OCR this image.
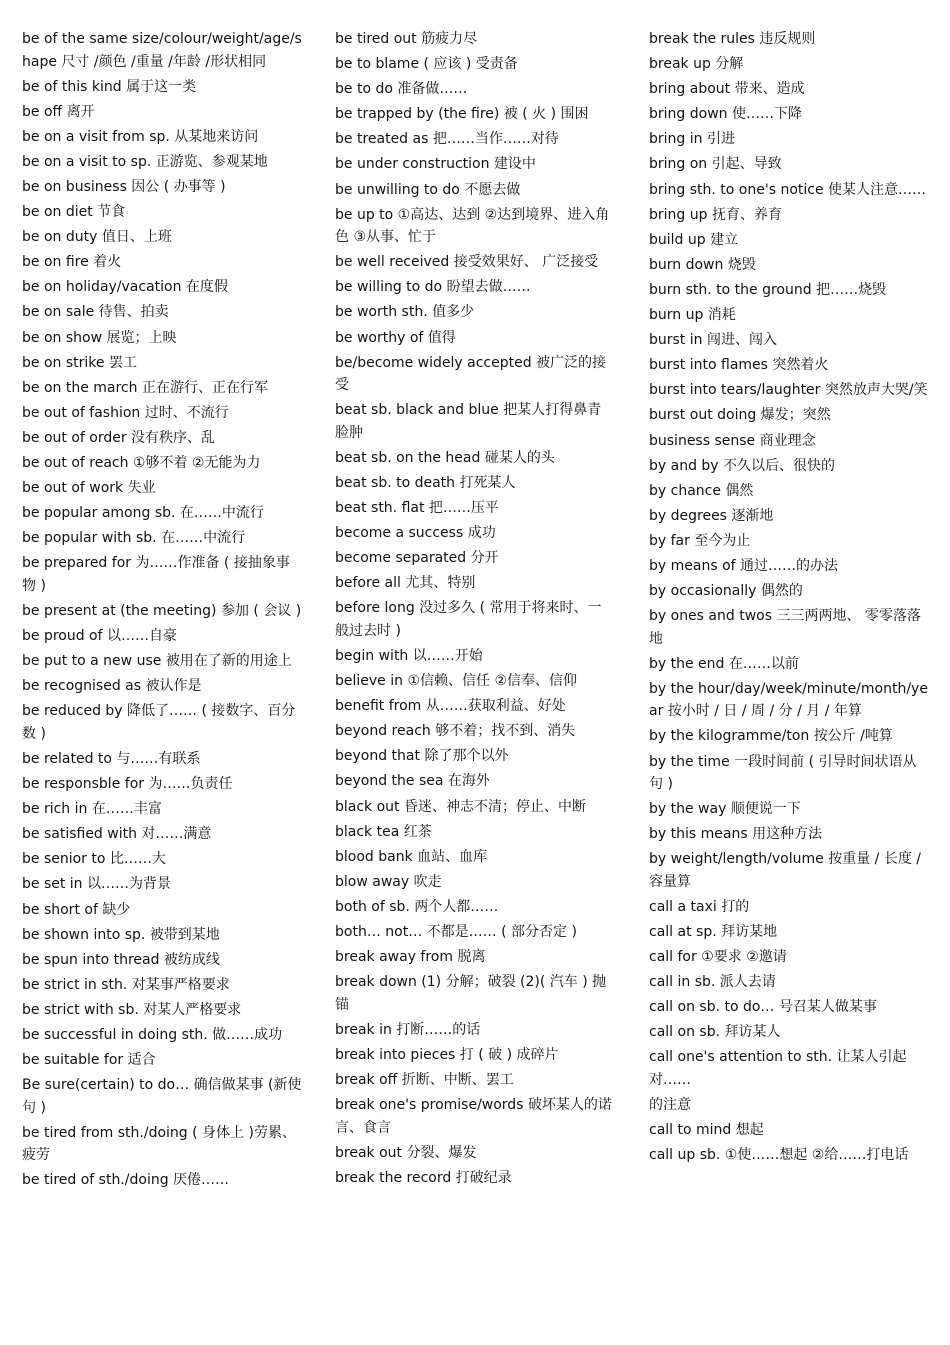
be of the same size/colour/weight/age/shape 尺寸 /颜色 /重量 /年龄 /形状相同
be of this kind 属于这一类
be off 离开
be on a visit from sp. 从某地来访问
be on a visit to sp. 正游览、参观某地
be on business 因公 ( 办事等 )
be on diet 节食
be on duty 值日、上班
be on fire 着火
be on holiday/vacation 在度假
be on sale 待售、拍卖
be on show 展览；上映
be on strike 罢工
be on the march 正在游行、正在行军
be out of fashion 过时、不流行
be out of order 没有秩序、乱
be out of reach ①够不着 ②无能为力
be out of work 失业
be popular among sb. 在……中流行
be popular with sb. 在……中流行
be prepared for 为……作准备 ( 接抽象事物 )
be present at (the meeting) 参加 ( 会议 )
be proud of 以……自豪
be put to a new use 被用在了新的用途上
be recognised as 被认作是
be reduced by 降低了…… ( 接数字、百分数 )
be related to 与……有联系
be responsble for 为……负责任
be rich in 在……丰富
be satisfied with 对……满意
be senior to 比……大
be set in 以……为背景
be short of 缺少
be shown into sp. 被带到某地
be spun into thread 被纺成线
be strict in sth. 对某事严格要求
be strict with sb. 对某人严格要求
be successful in doing sth. 做……成功
be suitable for 适合
Be sure(certain) to do… 确信做某事 (新使句 )
be tired from sth./doing ( 身体上 )劳累、疲劳
be tired of sth./doing 厌倦……
be tired out 筋疲力尽
be to blame ( 应该 ) 受责备
be to do 准备做……
be trapped by (the fire) 被 ( 火 ) 围困
be treated as 把……当作……对待
be under construction 建设中
be unwilling to do 不愿去做
be up to ①高达、达到 ②达到境界、进入角色 ③从事、忙于
be well received 接受效果好、 广泛接受
be willing to do 盼望去做……
be worth sth. 值多少
be worthy of 值得
be/become widely accepted 被广泛的接受
beat sb. black and blue 把某人打得鼻青脸肿
beat sb. on the head 碰某人的头
beat sb. to death 打死某人
beat sth. flat 把……压平
become a success 成功
become separated 分开
before all 尤其、特别
before long 没过多久 ( 常用于将来时、一般过去时 )
begin with 以……开始
believe in ①信赖、信任 ②信奉、信仰
benefit from 从……获取利益、好处
beyond reach 够不着；找不到、消失
beyond that 除了那个以外
beyond the sea 在海外
black out 昏迷、神志不清；停止、中断
black tea 红茶
blood bank 血站、血库
blow away 吹走
both of sb. 两个人都……
both… not… 不都是…… ( 部分否定 )
break away from 脱离
break down (1) 分解；破裂 (2)( 汽车 ) 抛锚
break in 打断……的话
break into pieces 打 ( 破 ) 成碎片
break off 折断、中断、罢工
break one's promise/words 破坏某人的诺言、食言
break out 分裂、爆发
break the record 打破纪录
break the rules 违反规则
break up 分解
bring about 带来、造成
bring down 使……下降
bring in 引进
bring on 引起、导致
bring sth. to one's notice 使某人注意……
bring up 抚育、养育
build up 建立
burn down 烧毁
burn sth. to the ground 把……烧毁
burn up 消耗
burst in 闯进、闯入
burst into flames 突然着火
burst into tears/laughter 突然放声大哭/笑
burst out doing 爆发；突然
business sense 商业理念
by and by 不久以后、很快的
by chance 偶然
by degrees 逐渐地
by far 至今为止
by means of 通过……的办法
by occasionally 偶然的
by ones and twos 三三两两地、 零零落落地
by the end 在……以前
by the hour/day/week/minute/month/year 按小时 / 日 / 周 / 分 / 月 / 年算
by the kilogramme/ton 按公斤 /吨算
by the time 一段时间前 ( 引导时间状语从句 )
by the way 顺便说一下
by this means 用这种方法
by weight/length/volume 按重量 / 长度 / 容量算
call a taxi 打的
call at sp. 拜访某地
call for ①要求 ②邀请
call in sb. 派人去请
call on sb. to do… 号召某人做某事
call on sb. 拜访某人
call one's attention to sth. 让某人引起对……
的注意
call to mind 想起
call up sb. ①使……想起 ②给……打电话
